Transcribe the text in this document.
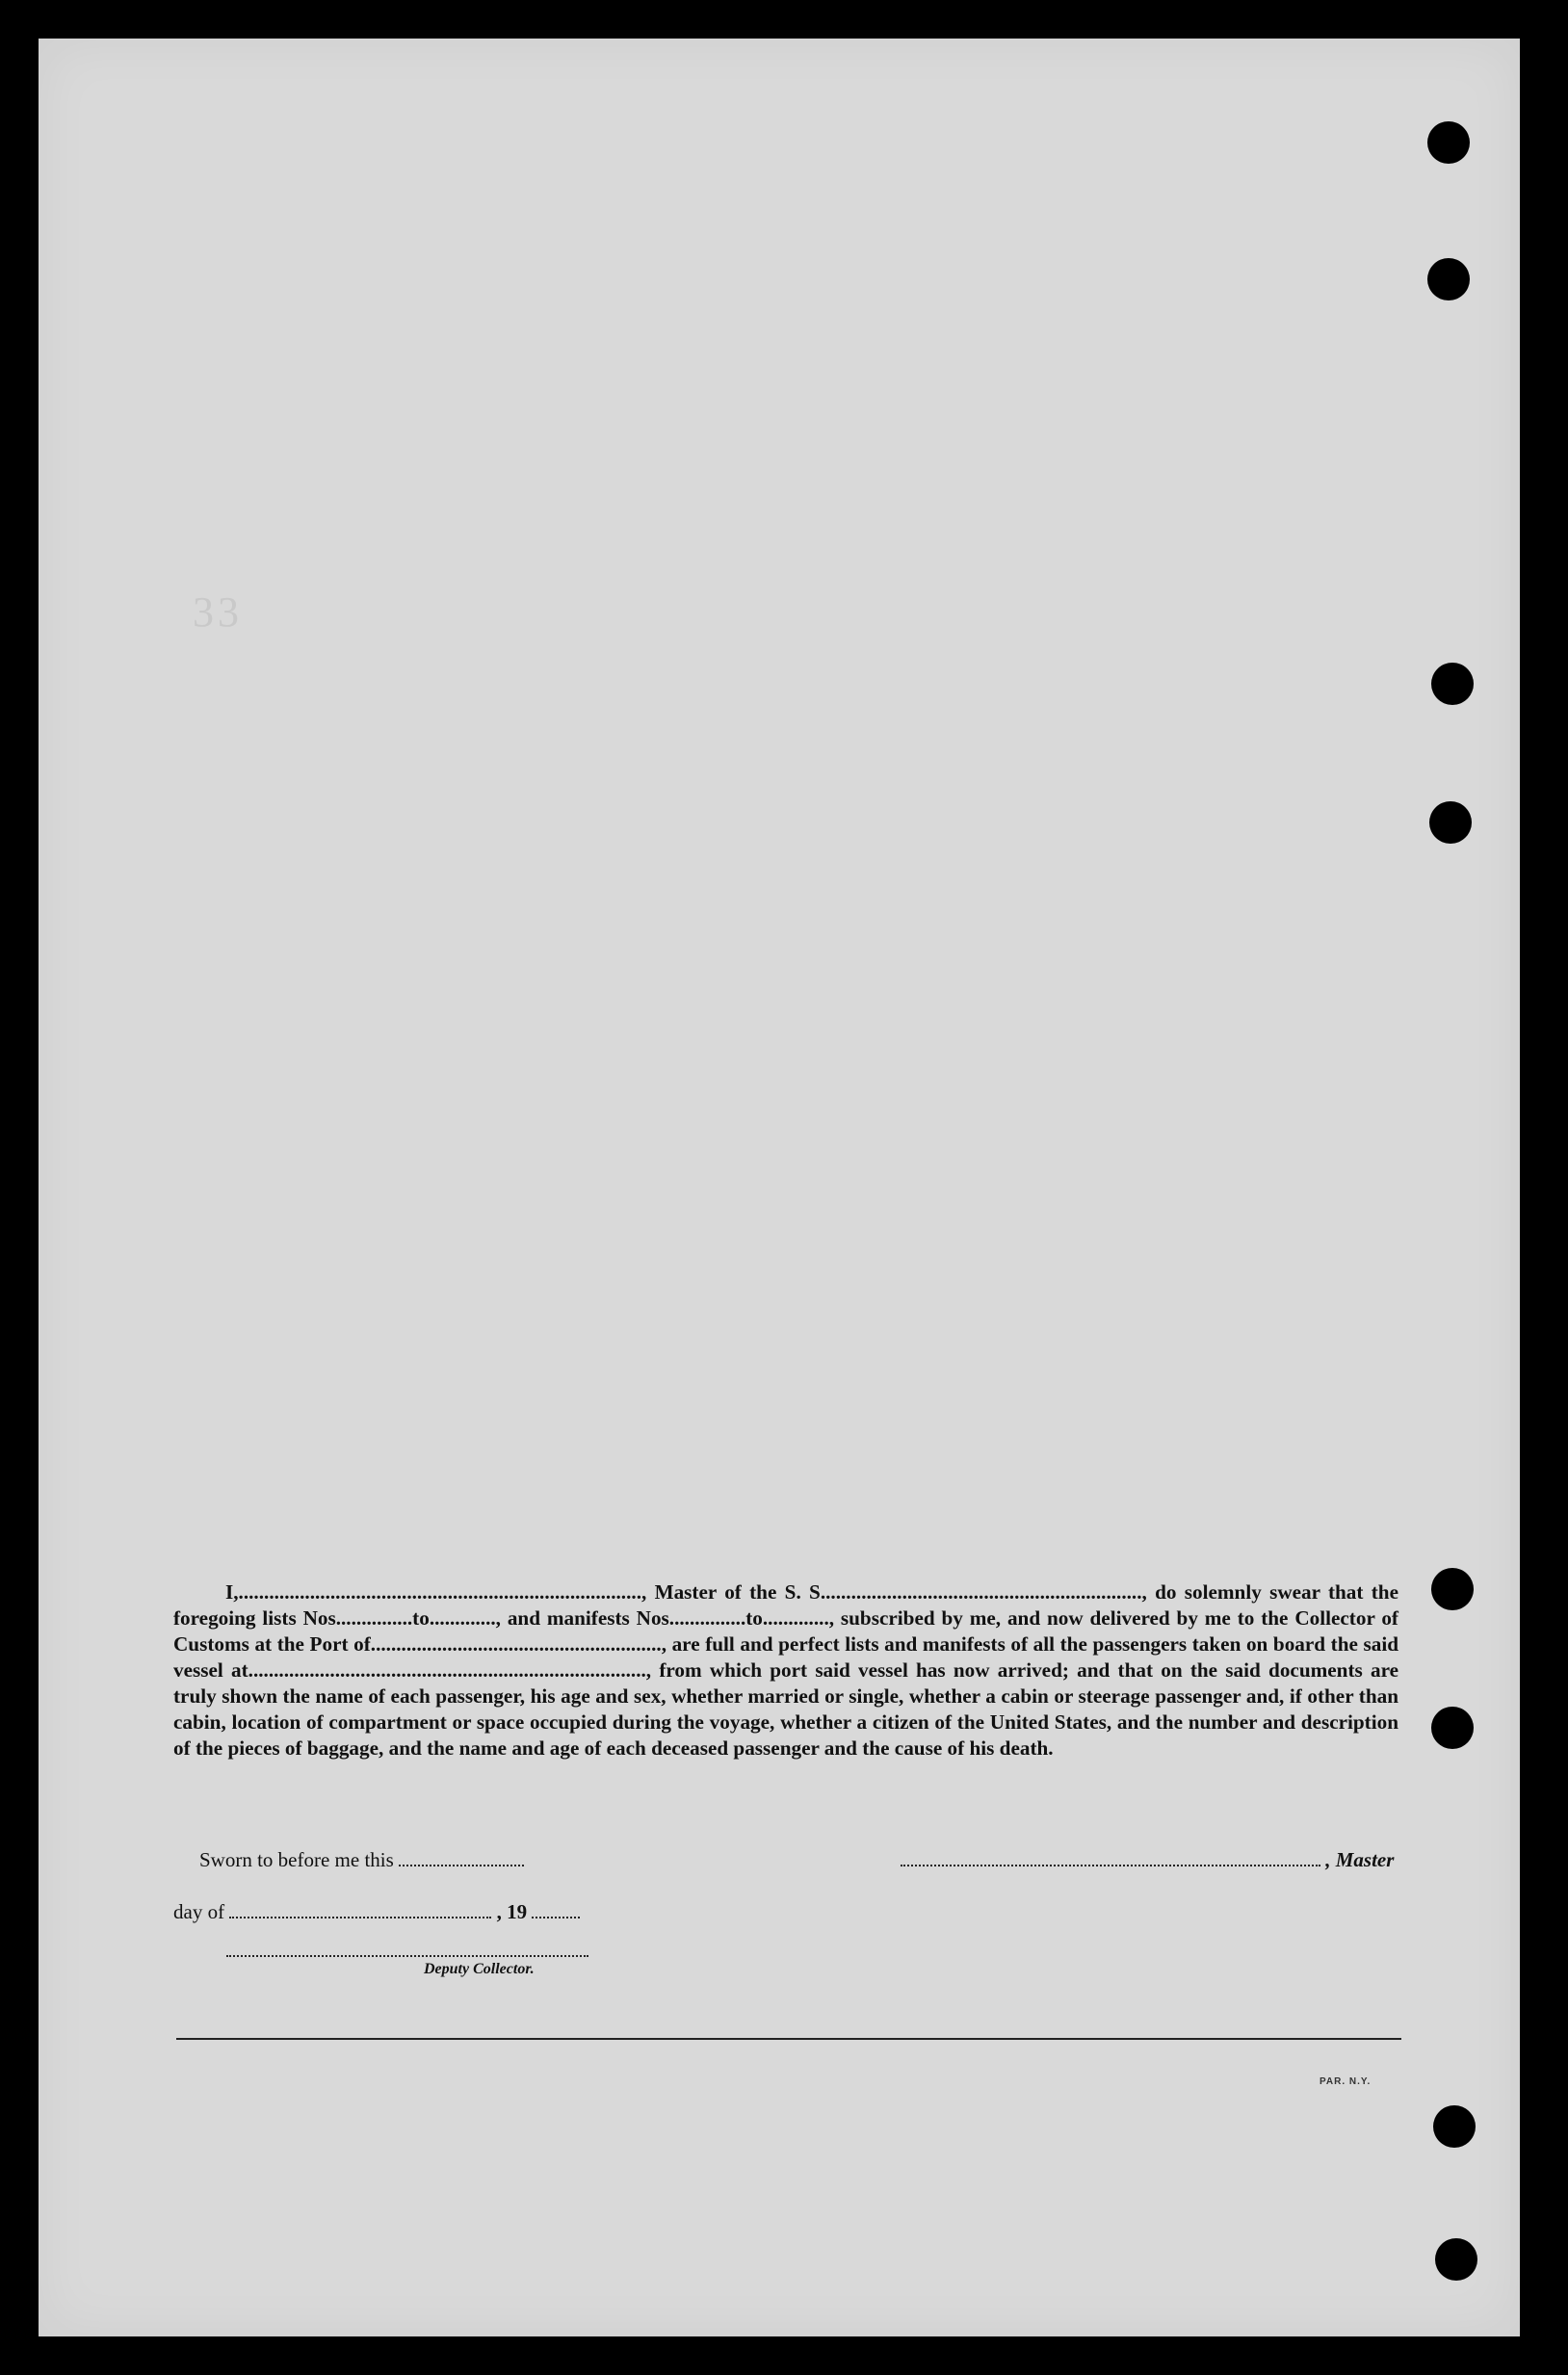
33

I,..............................................................................., Master of the S. S..............................................................., do solemnly swear that the foregoing lists Nos...............to............., and manifests Nos...............to............., subscribed by me, and now delivered by me to the Collector of Customs at the Port of........................................................., are full and perfect lists and manifests of all the passengers taken on board the said vessel at.............................................................................., from which port said vessel has now arrived; and that on the said documents are truly shown the name of each passenger, his age and sex, whether married or single, whether a cabin or steerage passenger and, if other than cabin, location of compartment or space occupied during the voyage, whether a citizen of the United States, and the number and description of the pieces of baggage, and the name and age of each deceased passenger and the cause of his death.

Sworn to before me this	, Master
day of	, 19
Deputy Collector.
PAR. N.Y.
